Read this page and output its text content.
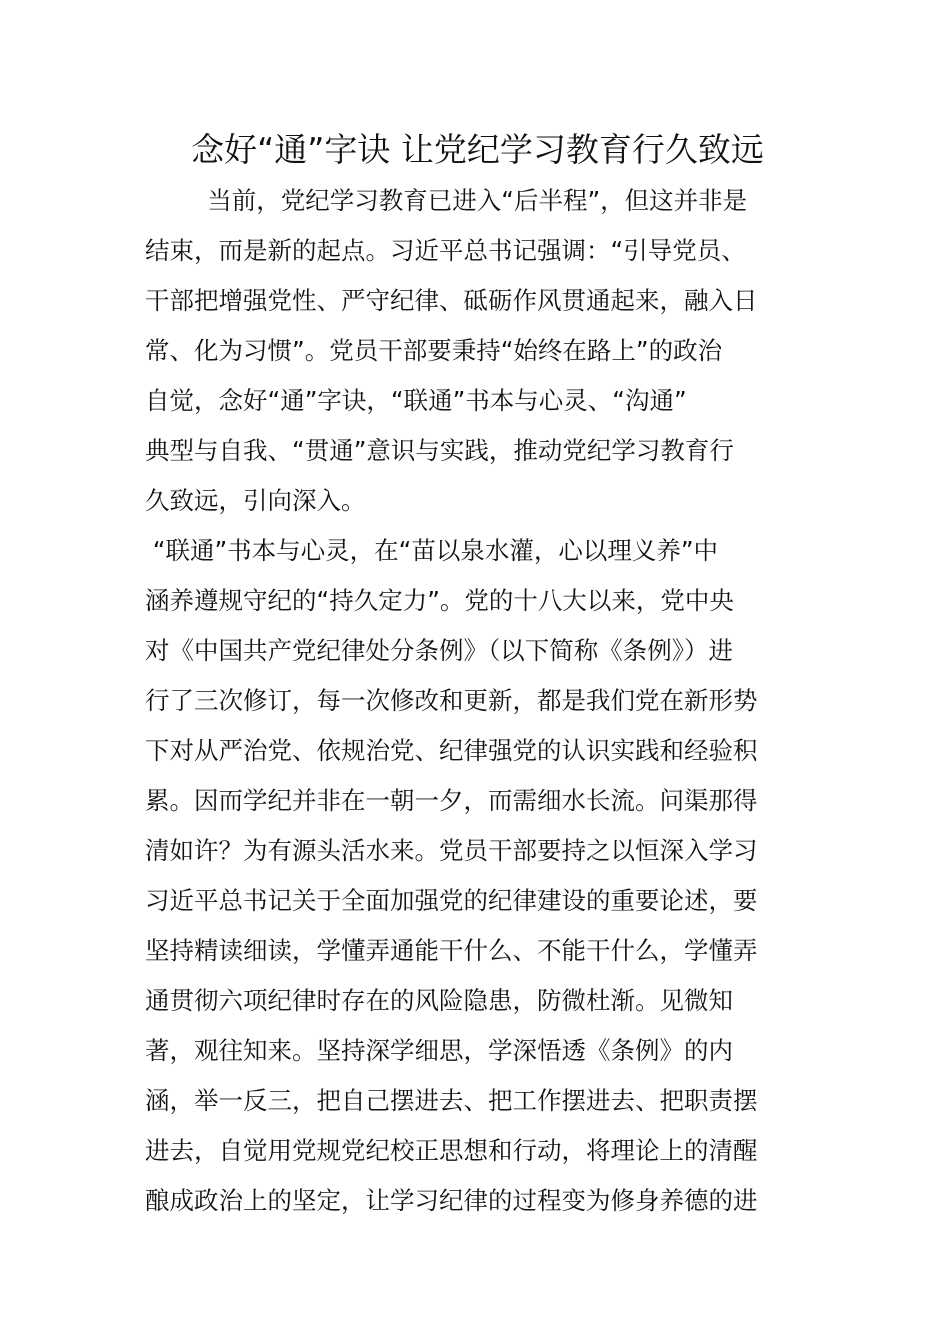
念好“通”字诀 让党纪学习教育行久致远
当前，党纪学习教育已进入“后半程”，但这并非是
结束，而是新的起点。习近平总书记强调：“引导党员、
干部把增强党性、严守纪律、砥砺作风贯通起来，融入日
常、化为习惯”。党员干部要秉持“始终在路上”的政治
自觉，念好“通”字诀，“联通”书本与心灵、“沟通”
典型与自我、“贯通”意识与实践，推动党纪学习教育行
久致远，引向深入。
“联通”书本与心灵，在“苗以泉水灌，心以理义养”中
涵养遵规守纪的“持久定力”。党的十八大以来，党中央
对《中国共产党纪律处分条例》（以下简称《条例》）进
行了三次修订，每一次修改和更新，都是我们党在新形势
下对从严治党、依规治党、纪律强党的认识实践和经验积
累。因而学纪并非在一朝一夕，而需细水长流。问渠那得
清如许？为有源头活水来。党员干部要持之以恒深入学习
习近平总书记关于全面加强党的纪律建设的重要论述，要
坚持精读细读，学懂弄通能干什么、不能干什么，学懂弄
通贯彻六项纪律时存在的风险隐患，防微杜渐。见微知
著，观往知来。坚持深学细思，学深悟透《条例》的内
涵，举一反三，把自己摆进去、把工作摆进去、把职责摆
进去，自觉用党规党纪校正思想和行动，将理论上的清醒
酿成政治上的坚定，让学习纪律的过程变为修身养德的进
